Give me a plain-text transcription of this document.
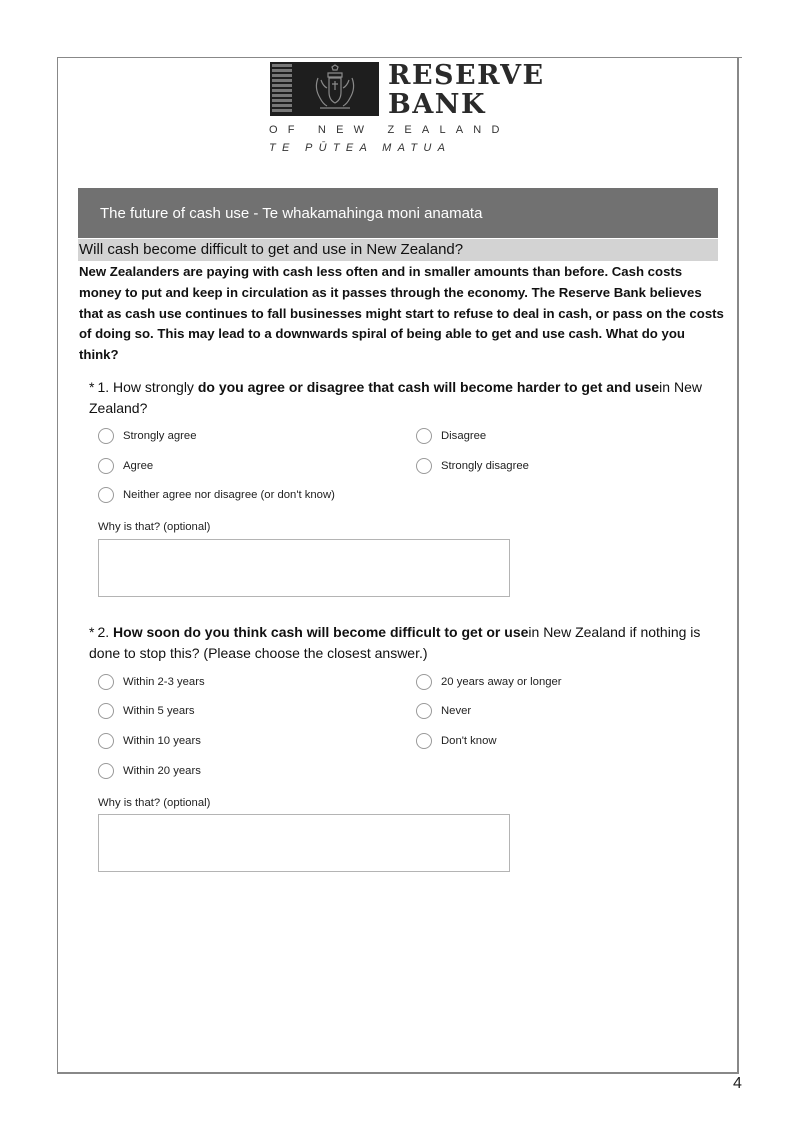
RESERVE
BANK
OF NEW ZEALAND
TE PŪTEA MATUA
The future of cash use - Te whakamahinga moni anamata
Will cash become difficult to get and use in New Zealand?

New Zealanders are paying with cash less often and in smaller amounts than before. Cash costs money to put and keep in circulation as it passes through the economy. The Reserve Bank believes that as cash use continues to fall businesses might start to refuse to deal in cash, or pass on the costs of doing so. This may lead to a downwards spiral of being able to get and use cash. What do you think?

* 1. How strongly do you agree or disagree that cash will become harder to get and usein New Zealand?
Strongly agree
Agree
Neither agree nor disagree (or don't know)
Disagree
Strongly disagree
Why is that? (optional)
* 2. How soon do you think cash will become difficult to get or usein New Zealand if nothing is done to stop this? (Please choose the closest answer.)
Within 2-3 years
Within 5 years
Within 10 years
Within 20 years
20 years away or longer
Never
Don't know
Why is that? (optional)
4
